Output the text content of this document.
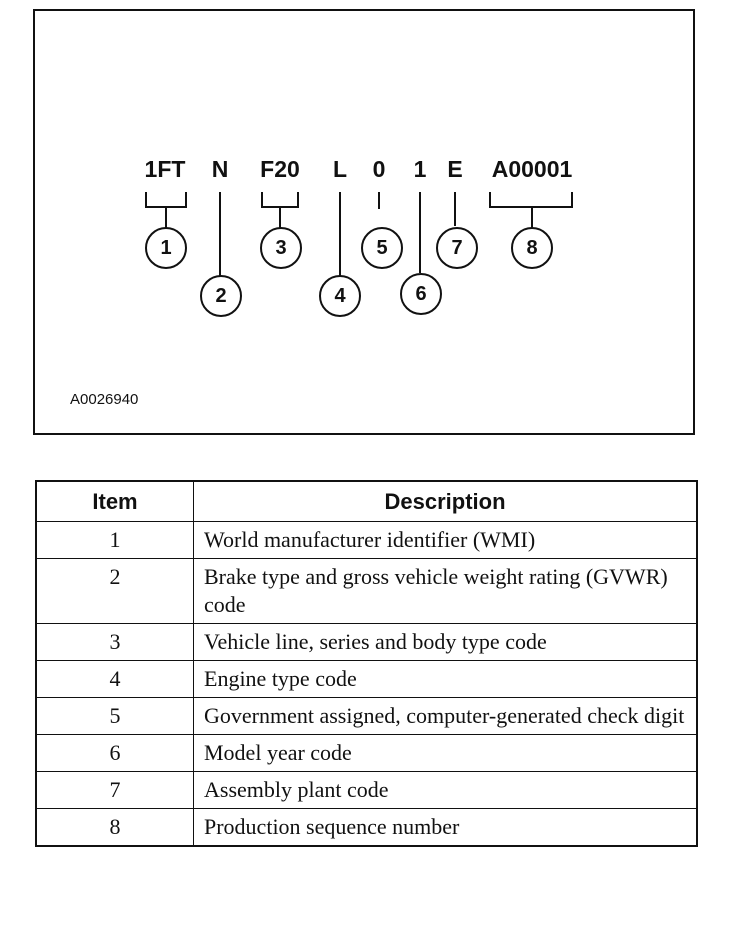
1FT N F20 L 0 1 E A00001
1
2
3
4
5
6
7	8
A0026940
Item	Description
1	World manufacturer identifier (WMI)
2	Brake type and gross vehicle weight rating (GVWR) code
3	Vehicle line, series and body type code
4	Engine type code
5	Government assigned, computer-generated check digit
6	Model year code
7	Assembly plant code
8	Production sequence number
